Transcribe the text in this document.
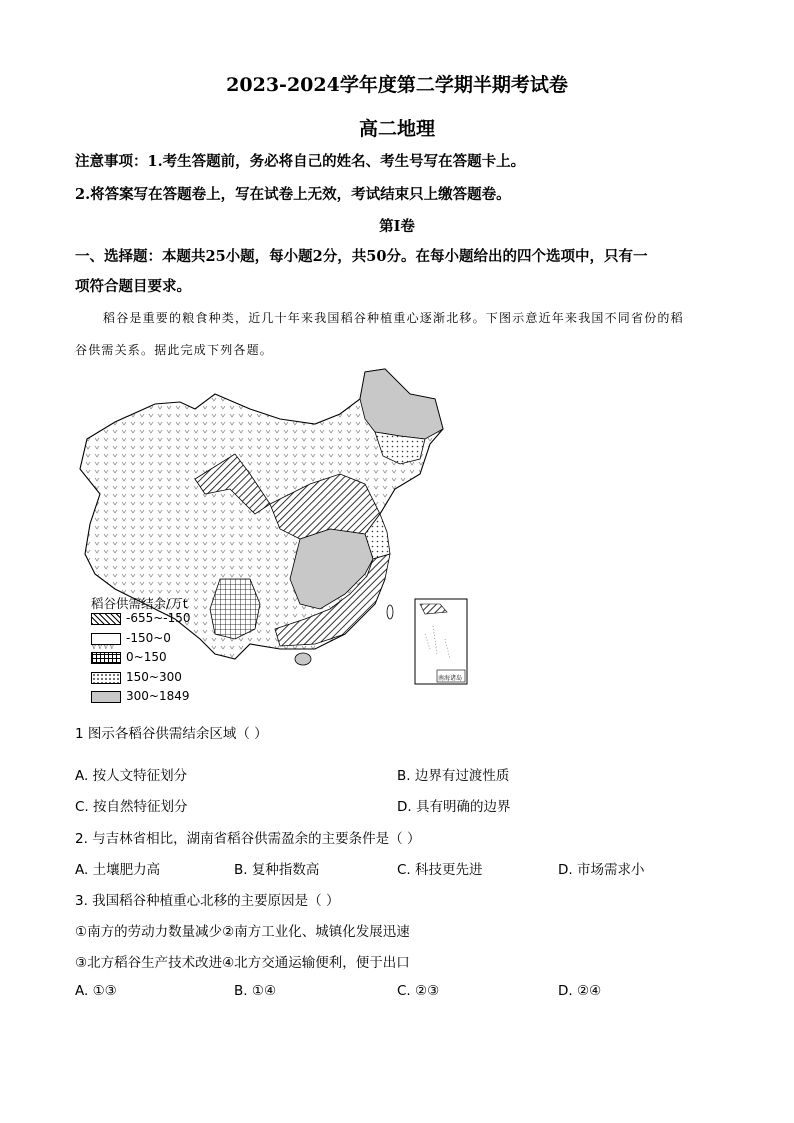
2023-2024学年度第二学期半期考试卷
高二地理
注意事项：1.考生答题前，务必将自己的姓名、考生号写在答题卡上。
2.将答案写在答题卷上，写在试卷上无效，考试结束只上缴答题卷。
第Ⅰ卷
一、选择题：本题共25小题，每小题2分，共50分。在每小题给出的四个选项中，只有一
项符合题目要求。
稻谷是重要的粮食种类，近几十年来我国稻谷种植重心逐渐北移。下图示意近年来我国不同省份的稻
谷供需关系。据此完成下列各题。
南海诸岛
稻谷供需结余/万t
-655~-150
vvvv
-150~0
0~150
150~300
300~1849
1 图示各稻谷供需结余区域（ ）
A. 按人文特征划分	B. 边界有过渡性质
C. 按自然特征划分	D. 具有明确的边界
2. 与吉林省相比，湖南省稻谷供需盈余的主要条件是（ ）
A. 土壤肥力高	B. 复种指数高	C. 科技更先进	D. 市场需求小
3. 我国稻谷种植重心北移的主要原因是（ ）
①南方的劳动力数量减少②南方工业化、城镇化发展迅速
③北方稻谷生产技术改进④北方交通运输便利，便于出口
A. ①③	B. ①④	C. ②③	D. ②④
